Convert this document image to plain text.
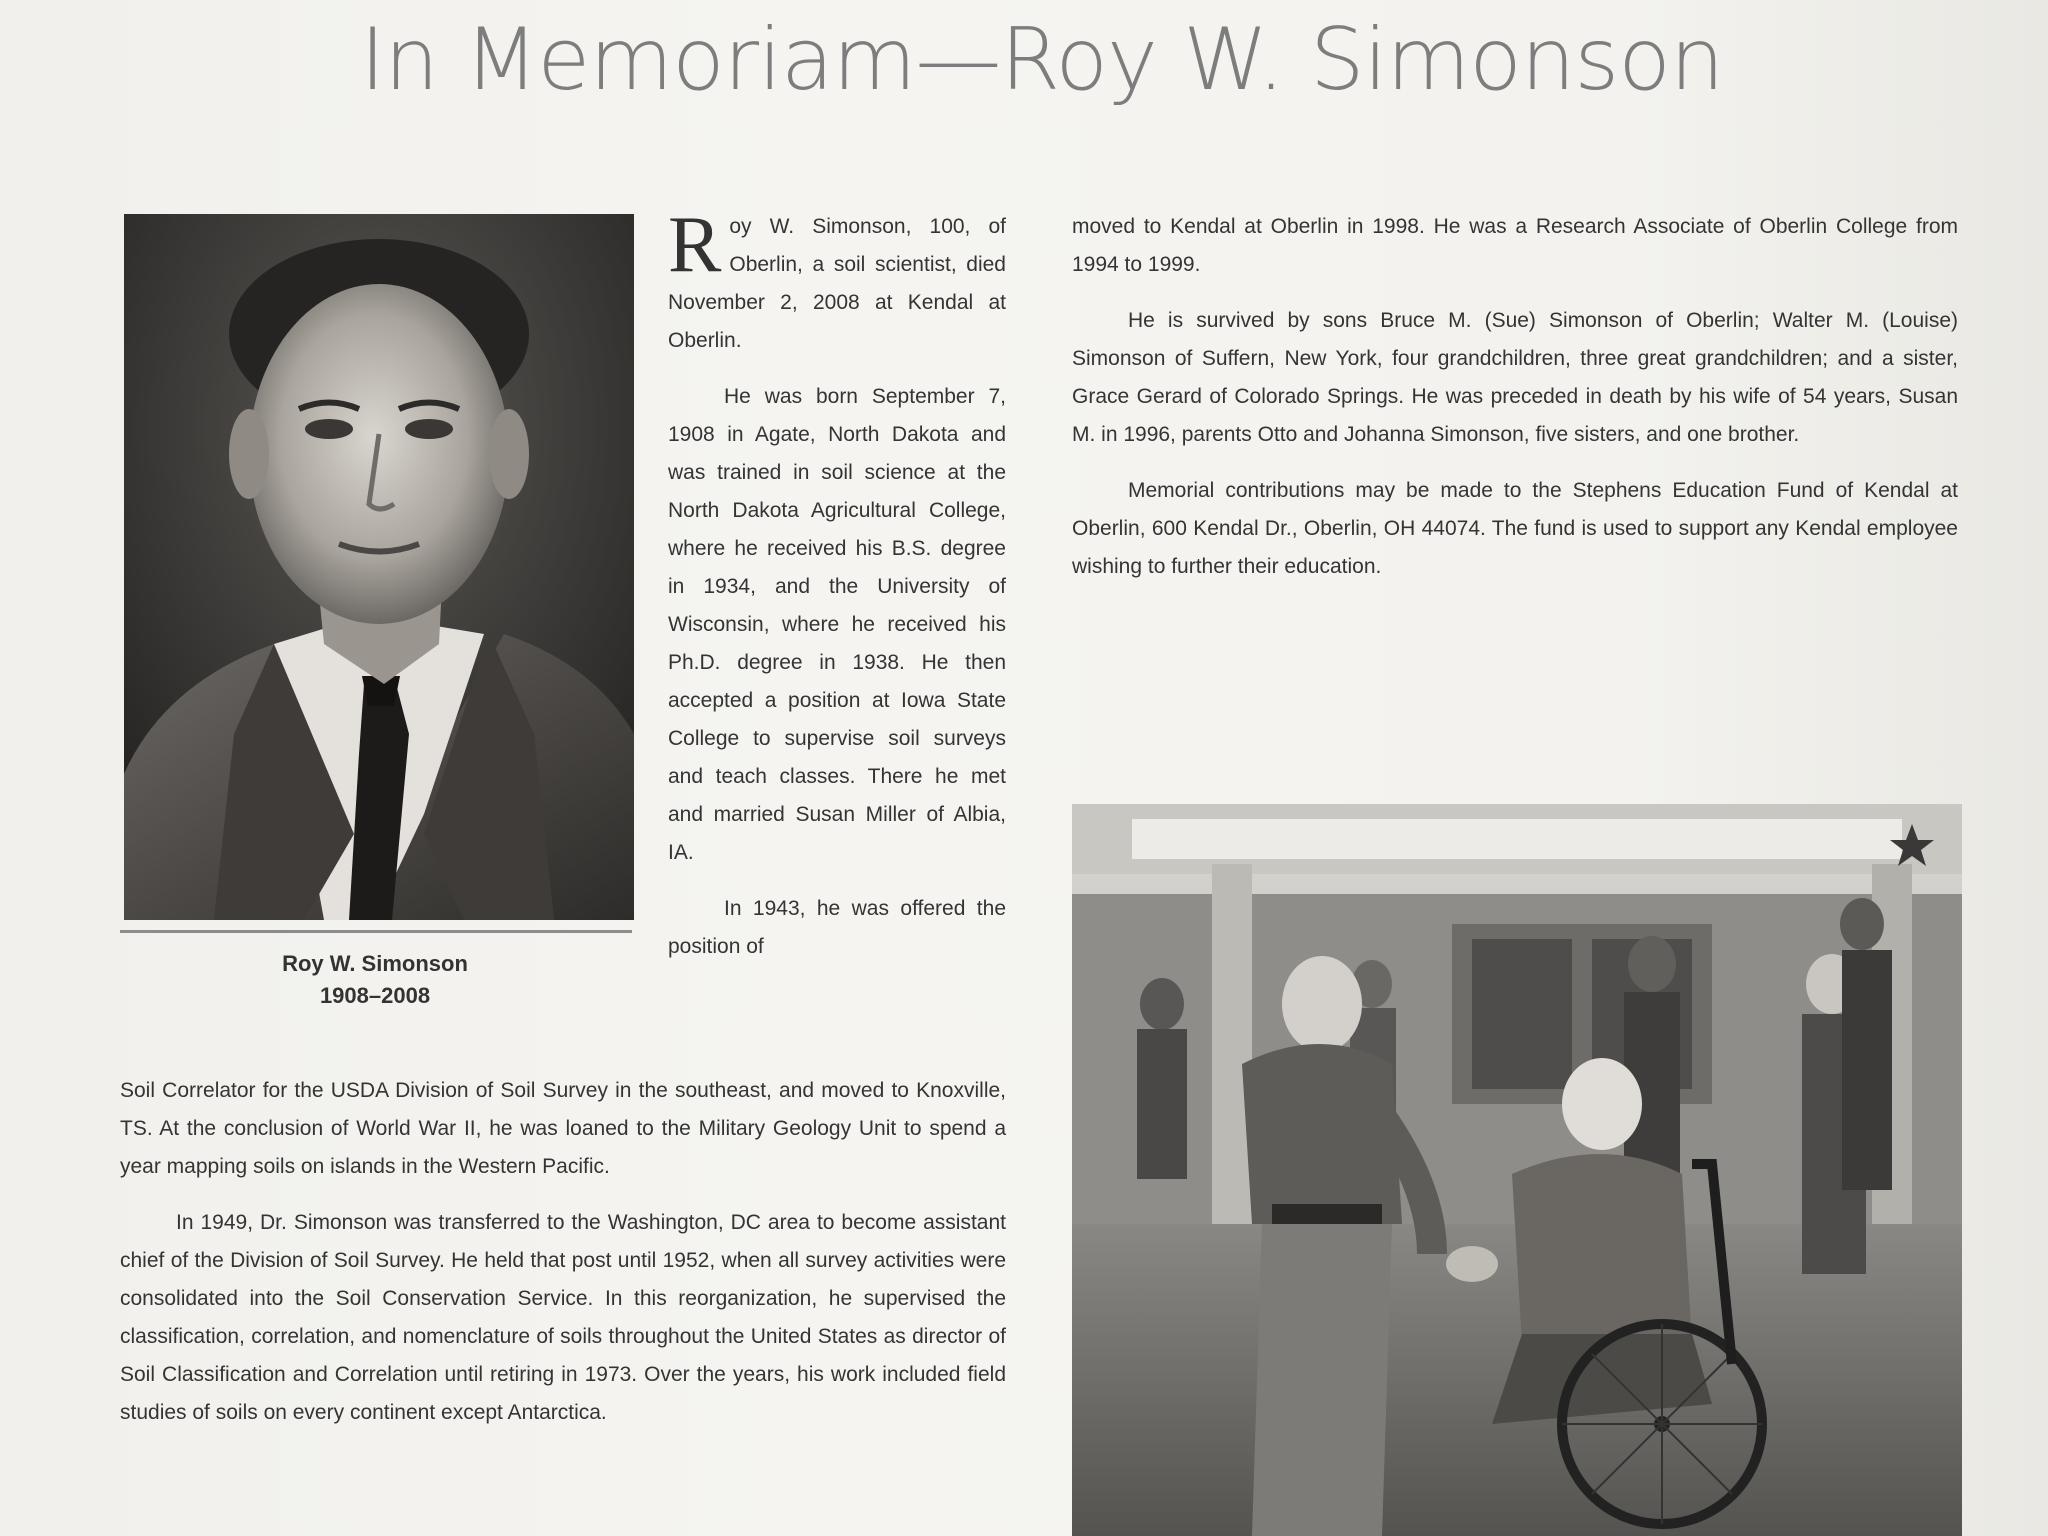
In Memoriam—Roy W. Simonson
Roy W. Simonson
1908–2008

Roy W. Simonson, 100, of Oberlin, a soil scientist, died November 2, 2008 at Kendal at Oberlin.

He was born September 7, 1908 in Agate, North Dakota and was trained in soil science at the North Dakota Agricultural College, where he received his B.S. degree in 1934, and the University of Wisconsin, where he received his Ph.D. degree in 1938. He then accepted a position at Iowa State College to supervise soil surveys and teach classes. There he met and married Susan Miller of Albia, IA.

In 1943, he was offered the position of

Soil Correlator for the USDA Division of Soil Survey in the southeast, and moved to Knoxville, TS. At the conclusion of World War II, he was loaned to the Military Geology Unit to spend a year mapping soils on islands in the Western Pacific.

In 1949, Dr. Simonson was transferred to the Washington, DC area to become assistant chief of the Division of Soil Survey. He held that post until 1952, when all survey activities were consolidated into the Soil Conservation Service. In this reorganization, he supervised the classification, correlation, and nomenclature of soils throughout the United States as director of Soil Classification and Correlation until retiring in 1973. Over the years, his work included field studies of soils on every continent except Antarctica.

moved to Kendal at Oberlin in 1998. He was a Research Associate of Oberlin College from 1994 to 1999.

He is survived by sons Bruce M. (Sue) Simonson of Oberlin; Walter M. (Louise) Simonson of Suffern, New York, four grandchildren, three great grandchildren; and a sister, Grace Gerard of Colorado Springs. He was preceded in death by his wife of 54 years, Susan M. in 1996, parents Otto and Johanna Simonson, five sisters, and one brother.

Memorial contributions may be made to the Stephens Education Fund of Kendal at Oberlin, 600 Kendal Dr., Oberlin, OH 44074. The fund is used to support any Kendal employee wishing to further their education.
